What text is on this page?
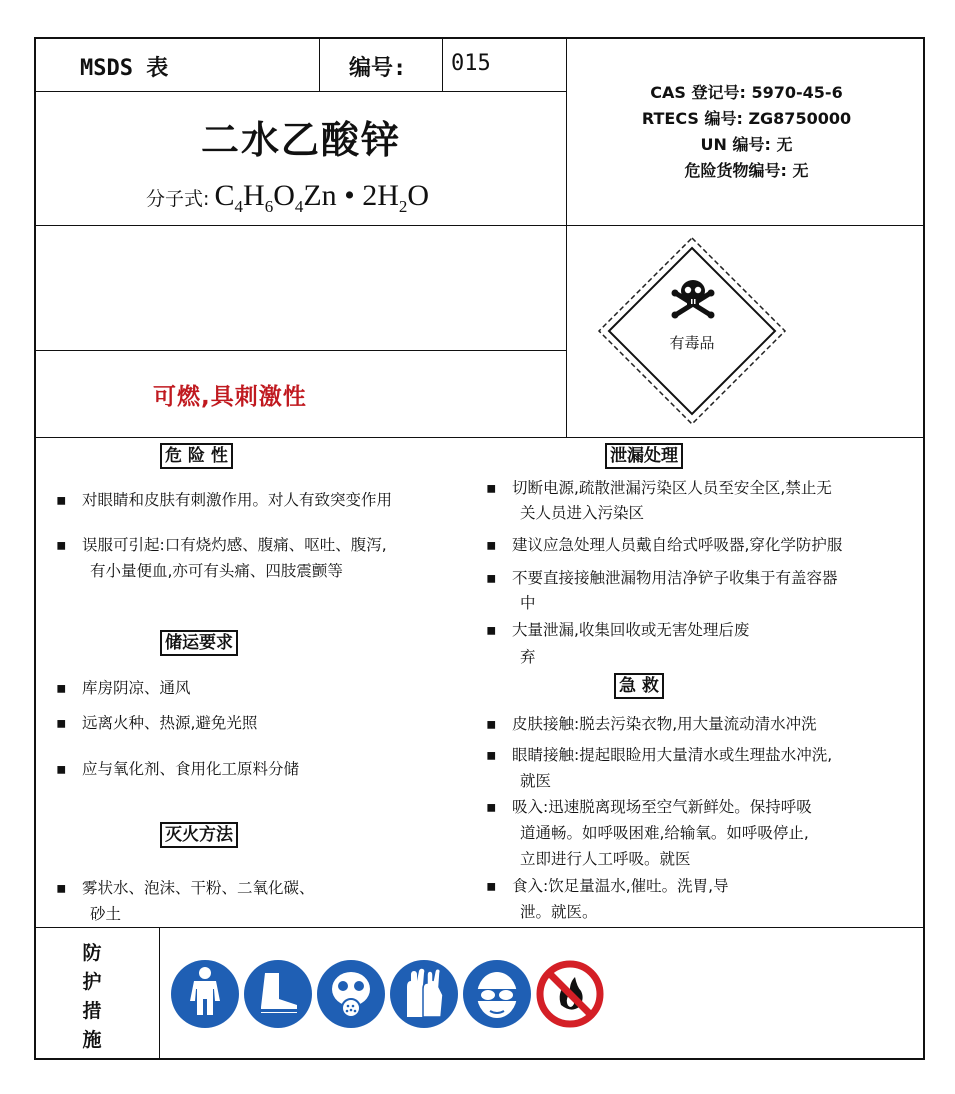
MSDS 表	编号: 015
二水乙酸锌
分子式: $C_4H_6O_4Zn$ • $2H_2O$
CAS 登记号: 5970-45-6
RTECS 编号: ZG8750000
UN 编号: 无
危险货物编号: 无
可燃,具刺激性
有毒品
危 险 性
▪ 对眼睛和皮肤有刺激作用。对人有致突变作用
▪ 误服可引起:口有烧灼感、腹痛、呕吐、腹泻,
有小量便血,亦可有头痛、四肢震颤等
储运要求
▪ 库房阴凉、通风
▪ 远离火种、热源,避免光照
▪ 应与氧化剂、食用化工原料分储
灭火方法
▪ 雾状水、泡沫、干粉、二氧化碳、
砂土
泄漏处理
▪ 切断电源,疏散泄漏污染区人员至安全区,禁止无
关人员进入污染区
▪ 建议应急处理人员戴自给式呼吸器,穿化学防护服
▪ 不要直接接触泄漏物用洁净铲子收集于有盖容器
中
▪ 大量泄漏,收集回收或无害处理后废
弃
急 救
▪ 皮肤接触:脱去污染衣物,用大量流动清水冲洗
▪ 眼睛接触:提起眼睑用大量清水或生理盐水冲洗,
就医
▪ 吸入:迅速脱离现场至空气新鲜处。保持呼吸
道通畅。如呼吸困难,给输氧。如呼吸停止,
立即进行人工呼吸。就医
▪ 食入:饮足量温水,催吐。洗胃,导
泄。就医。
防
护
措
施
